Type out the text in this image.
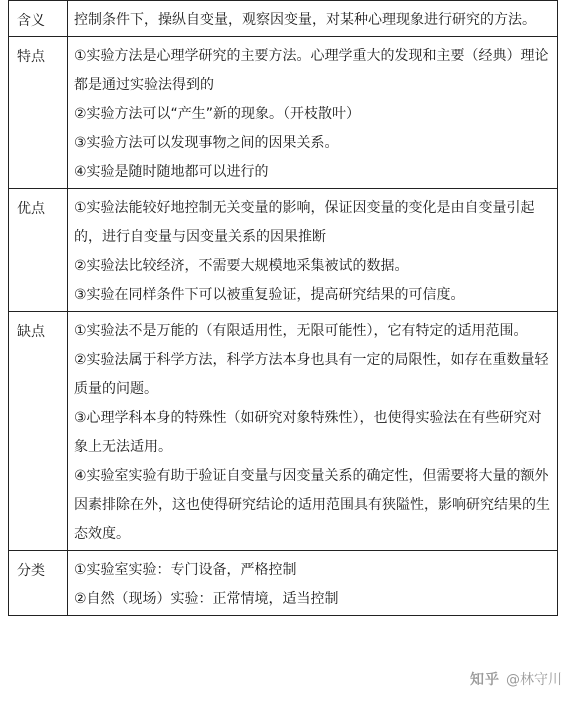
含义	控制条件下，操纵自变量，观察因变量，对某种心理现象进行研究的方法。

特点	①实验方法是心理学研究的主要方法。心理学重大的发现和主要（经典）理论都是通过实验法得到的
②实验方法可以“产生”新的现象。（开枝散叶）
③实验方法可以发现事物之间的因果关系。
④实验是随时随地都可以进行的

优点	①实验法能较好地控制无关变量的影响，保证因变量的变化是由自变量引起的，进行自变量与因变量关系的因果推断
②实验法比较经济，不需要大规模地采集被试的数据。
③实验在同样条件下可以被重复验证，提高研究结果的可信度。

缺点	①实验法不是万能的（有限适用性，无限可能性），它有特定的适用范围。
②实验法属于科学方法，科学方法本身也具有一定的局限性，如存在重数量轻质量的问题。
③心理学科本身的特殊性（如研究对象特殊性），也使得实验法在有些研究对象上无法适用。
④实验室实验有助于验证自变量与因变量关系的确定性，但需要将大量的额外因素排除在外，这也使得研究结论的适用范围具有狭隘性，影响研究结果的生态效度。

分类	①实验室实验：专门设备，严格控制
②自然（现场）实验：正常情境，适当控制
知乎 @林守川
